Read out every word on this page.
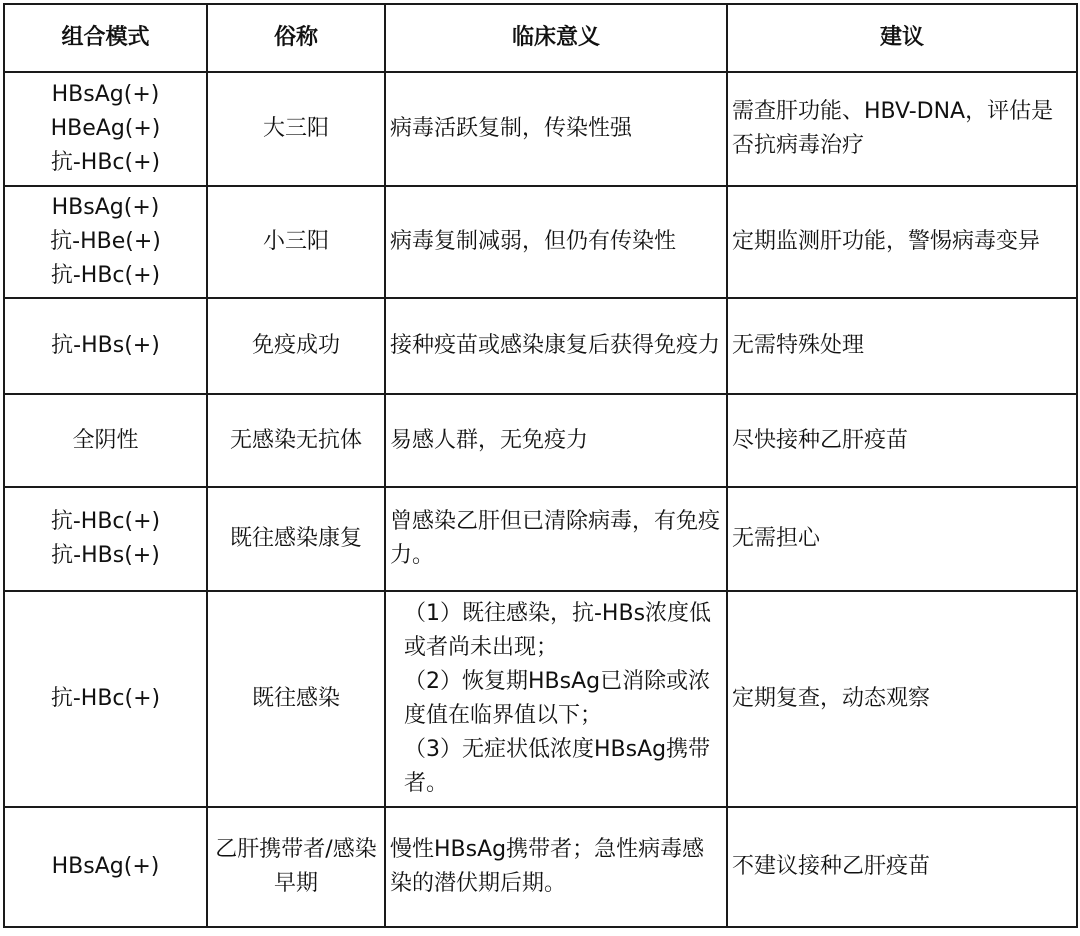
组合模式	俗称	临床意义	建议

HBsAg(+)
HBeAg(+)
抗-HBc(+)	大三阳	病毒活跃复制，传染性强	需查肝功能、HBV-DNA，评估是否抗病毒治疗

HBsAg(+)
抗-HBe(+)
抗-HBc(+)	小三阳	病毒复制减弱，但仍有传染性	定期监测肝功能，警惕病毒变异

抗-HBs(+)	免疫成功	接种疫苗或感染康复后获得免疫力	无需特殊处理

全阴性	无感染无抗体	易感人群，无免疫力	尽快接种乙肝疫苗

抗-HBc(+)
抗-HBs(+)	既往感染康复	曾感染乙肝但已清除病毒，有免疫力。	无需担心

抗-HBc(+)	既往感染	（1）既往感染，抗-HBs浓度低或者尚未出现；
（2）恢复期HBsAg已消除或浓度值在临界值以下；
（3）无症状低浓度HBsAg携带者。	定期复查，动态观察

HBsAg(+)	乙肝携带者/感染早期	慢性HBsAg携带者；急性病毒感染的潜伏期后期。	不建议接种乙肝疫苗
